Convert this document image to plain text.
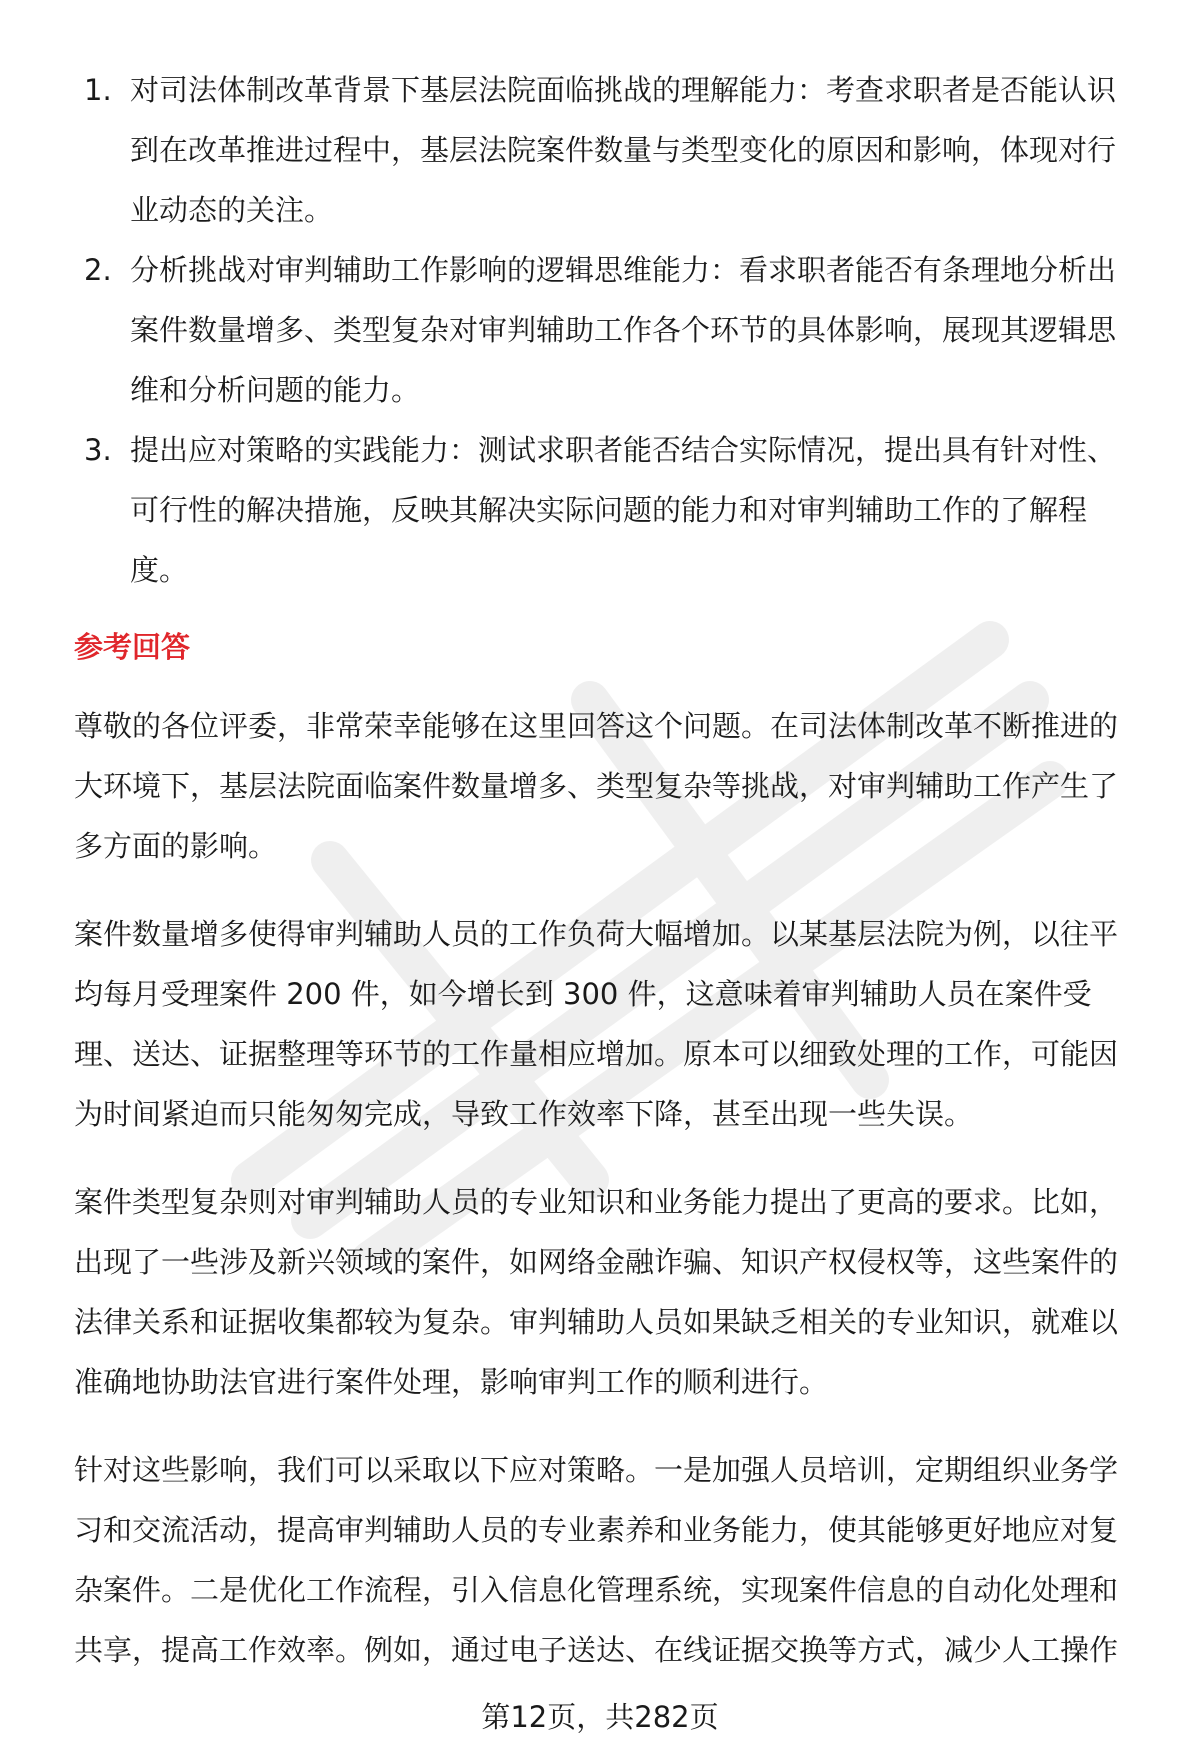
1. 对司法体制改革背景下基层法院面临挑战的理解能力：考查求职者是否能认识到在改革推进过程中，基层法院案件数量与类型变化的原因和影响，体现对行业动态的关注。
2. 分析挑战对审判辅助工作影响的逻辑思维能力：看求职者能否有条理地分析出案件数量增多、类型复杂对审判辅助工作各个环节的具体影响，展现其逻辑思维和分析问题的能力。
3. 提出应对策略的实践能力：测试求职者能否结合实际情况，提出具有针对性、可行性的解决措施，反映其解决实际问题的能力和对审判辅助工作的了解程度。
参考回答

尊敬的各位评委，非常荣幸能够在这里回答这个问题。在司法体制改革不断推进的大环境下，基层法院面临案件数量增多、类型复杂等挑战，对审判辅助工作产生了多方面的影响。

案件数量增多使得审判辅助人员的工作负荷大幅增加。以某基层法院为例，以往平均每月受理案件 200 件，如今增长到 300 件，这意味着审判辅助人员在案件受理、送达、证据整理等环节的工作量相应增加。原本可以细致处理的工作，可能因为时间紧迫而只能匆匆完成，导致工作效率下降，甚至出现一些失误。

案件类型复杂则对审判辅助人员的专业知识和业务能力提出了更高的要求。比如，出现了一些涉及新兴领域的案件，如网络金融诈骗、知识产权侵权等，这些案件的法律关系和证据收集都较为复杂。审判辅助人员如果缺乏相关的专业知识，就难以准确地协助法官进行案件处理，影响审判工作的顺利进行。

针对这些影响，我们可以采取以下应对策略。一是加强人员培训，定期组织业务学习和交流活动，提高审判辅助人员的专业素养和业务能力，使其能够更好地应对复杂案件。二是优化工作流程，引入信息化管理系统，实现案件信息的自动化处理和共享，提高工作效率。例如，通过电子送达、在线证据交换等方式，减少人工操作

第12页，共282页
